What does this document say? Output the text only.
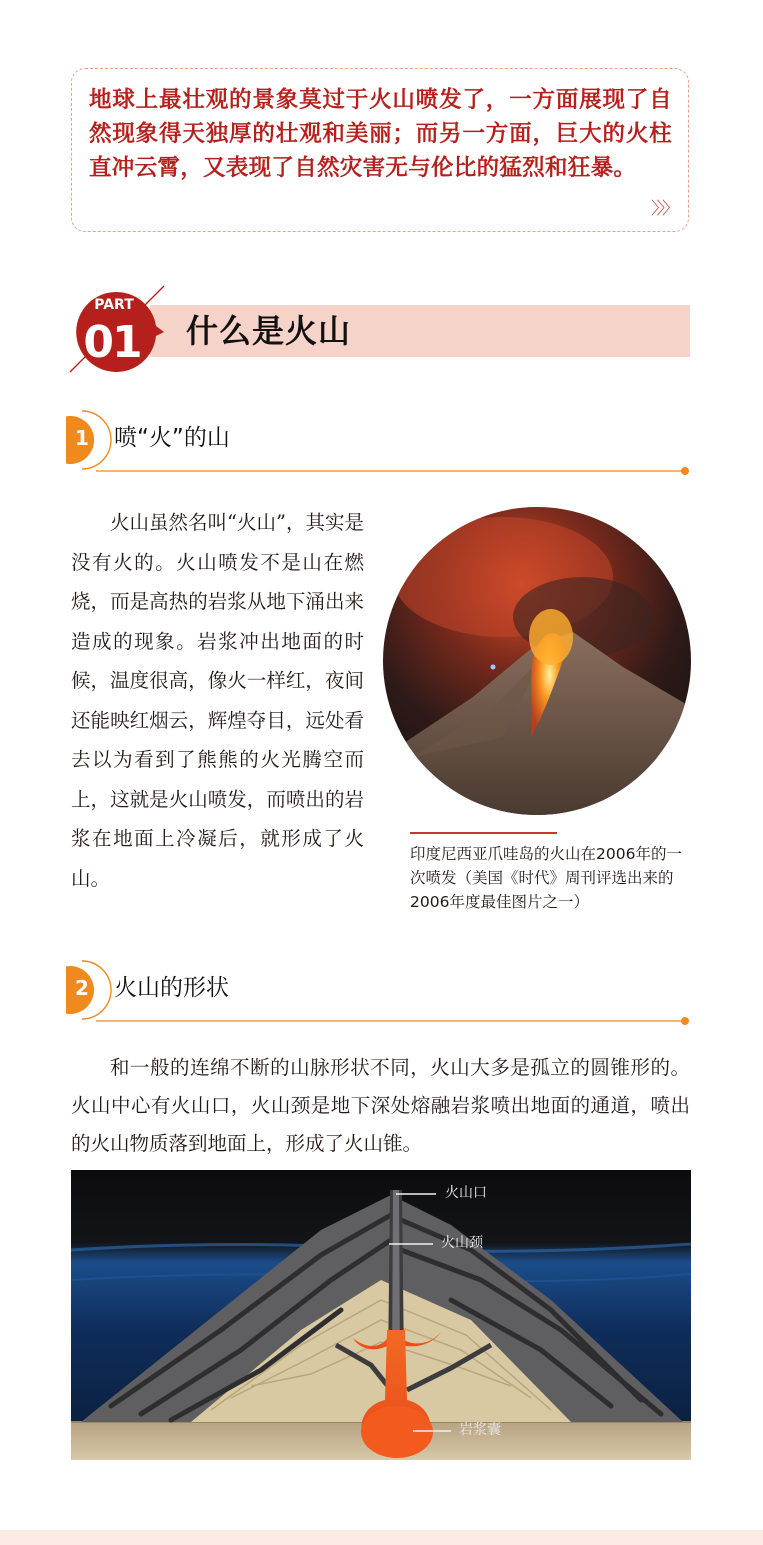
地球上最壮观的景象莫过于火山喷发了，一方面展现了自然现象得天独厚的壮观和美丽；而另一方面，巨大的火柱直冲云霄，又表现了自然灾害无与伦比的猛烈和狂暴。

〉〉〉
什么是火山
PART
01
1 喷“火”的山

火山虽然名叫“火山”，其实是没有火的。火山喷发不是山在燃烧，而是高热的岩浆从地下涌出来造成的现象。岩浆冲出地面的时候，温度很高，像火一样红，夜间还能映红烟云，辉煌夺目，远处看去以为看到了熊熊的火光腾空而上，这就是火山喷发，而喷出的岩浆在地面上冷凝后，就形成了火山。

印度尼西亚爪哇岛的火山在2006年的一次喷发（美国《时代》周刊评选出来的2006年度最佳图片之一）

2 火山的形状

和一般的连绵不断的山脉形状不同，火山大多是孤立的圆锥形的。火山中心有火山口，火山颈是地下深处熔融岩浆喷出地面的通道，喷出的火山物质落到地面上，形成了火山锥。

火山口
火山颈
岩浆囊
